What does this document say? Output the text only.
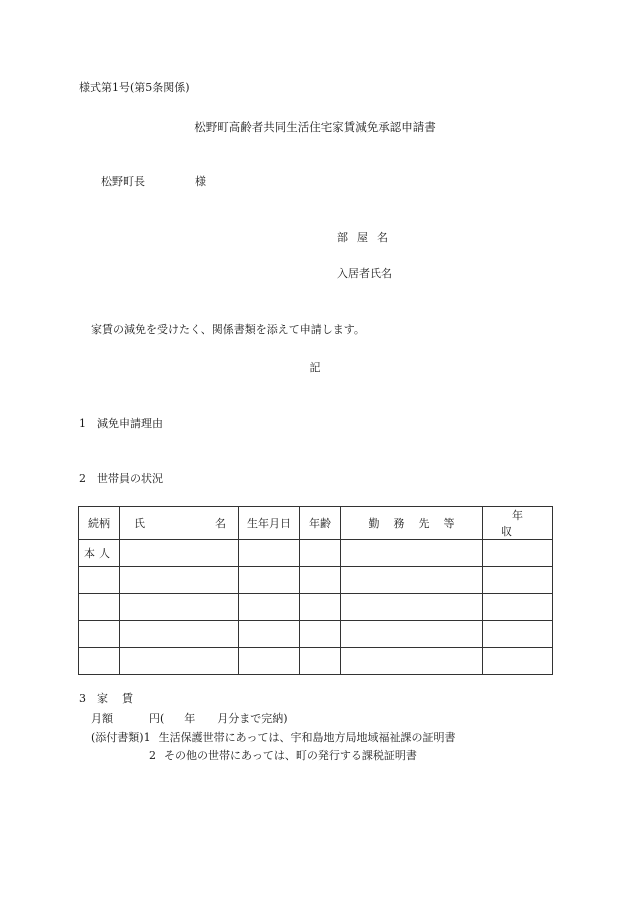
様式第1号(第5条関係)
松野町高齢者共同生活住宅家賃減免承認申請書
松野町長	様
部屋名
入居者氏名
家賃の減免を受けたく、関係書類を添えて申請します。
記
1 減免申請理由
2 世帯員の状況
続柄	氏 名	生年月日	年齢	勤務先等	年収
本人					

3 家賃
月額	円( 年 月分まで完納)
(添付書類)1 生活保護世帯にあっては、宇和島地方局地域福祉課の証明書
2 その他の世帯にあっては、町の発行する課税証明書
